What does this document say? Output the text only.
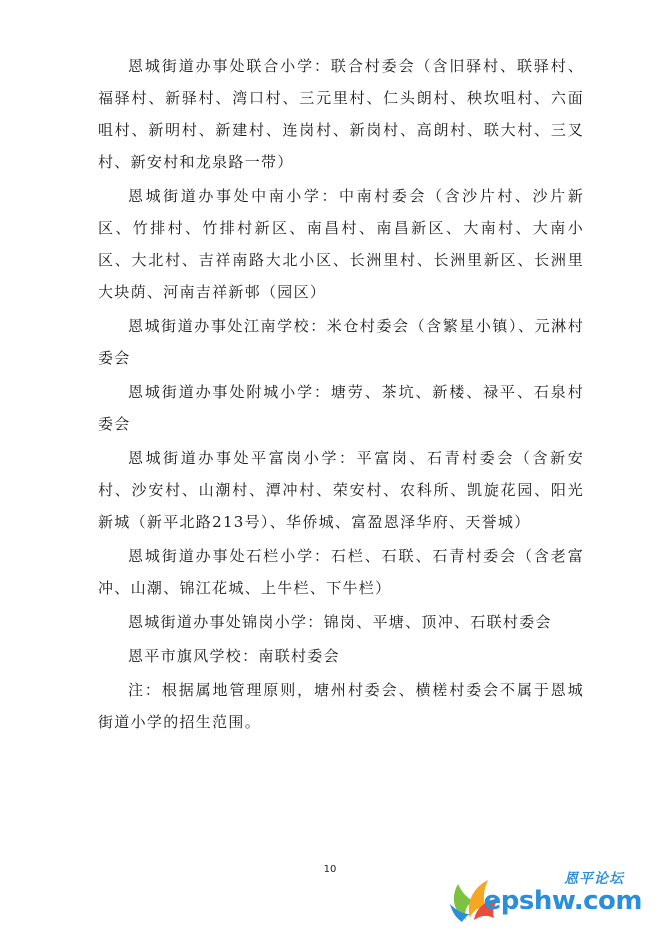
恩城街道办事处联合小学：联合村委会（含旧驿村、联驿村、福驿村、新驿村、湾口村、三元里村、仁头朗村、秧坎咀村、六面咀村、新明村、新建村、连岗村、新岗村、高朗村、联大村、三叉村、新安村和龙泉路一带）

恩城街道办事处中南小学：中南村委会（含沙片村、沙片新区、竹排村、竹排村新区、南昌村、南昌新区、大南村、大南小区、大北村、吉祥南路大北小区、长洲里村、长洲里新区、长洲里大块荫、河南吉祥新邨（园区）

恩城街道办事处江南学校：米仓村委会（含繁星小镇）、元淋村委会

恩城街道办事处附城小学：塘劳、茶坑、新楼、禄平、石泉村委会

恩城街道办事处平富岗小学：平富岗、石青村委会（含新安村、沙安村、山潮村、潭冲村、荣安村、农科所、凯旋花园、阳光新城（新平北路213号）、华侨城、富盈恩泽华府、天誉城）

恩城街道办事处石栏小学：石栏、石联、石青村委会（含老富冲、山潮、锦江花城、上牛栏、下牛栏）

恩城街道办事处锦岗小学：锦岗、平塘、顶冲、石联村委会

恩平市旗风学校：南联村委会

注：根据属地管理原则，塘州村委会、横槎村委会不属于恩城街道小学的招生范围。

10
恩平论坛
epshw.com
